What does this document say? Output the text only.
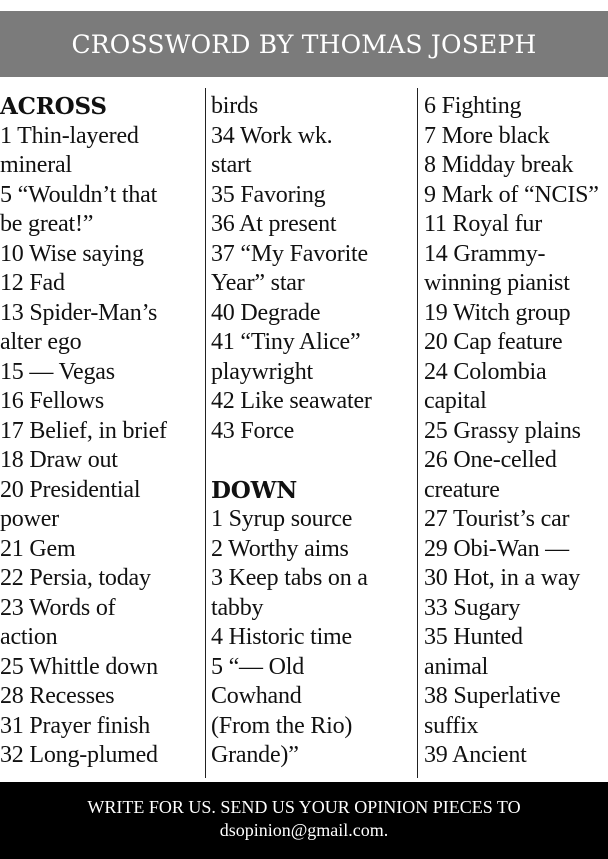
CROSSWORD BY THOMAS JOSEPH

ACROSS

1 Thin-layered

mineral

5 “Wouldn’t that

be great!”

10 Wise saying

12 Fad

13 Spider-Man’s

alter ego

15 — Vegas

16 Fellows

17 Belief, in brief

18 Draw out

20 Presidential

power

21 Gem

22 Persia, today

23 Words of

action

25 Whittle down

28 Recesses

31 Prayer finish

32 Long-plumed

birds

34 Work wk.

start

35 Favoring

36 At present

37 “My Favorite

Year” star

40 Degrade

41 “Tiny Alice”

playwright

42 Like seawater

43 Force

DOWN

1 Syrup source

2 Worthy aims

3 Keep tabs on a

tabby

4 Historic time

5 “— Old

Cowhand

(From the Rio)

Grande)”

6 Fighting

7 More black

8 Midday break

9 Mark of “NCIS”

11 Royal fur

14 Grammy-

winning pianist

19 Witch group

20 Cap feature

24 Colombia

capital

25 Grassy plains

26 One-celled

creature

27 Tourist’s car

29 Obi-Wan —

30 Hot, in a way

33 Sugary

35 Hunted

animal

38 Superlative

suffix

39 Ancient

WRITE FOR US. SEND US YOUR OPINION PIECES TO

dsopinion@gmail.com.
